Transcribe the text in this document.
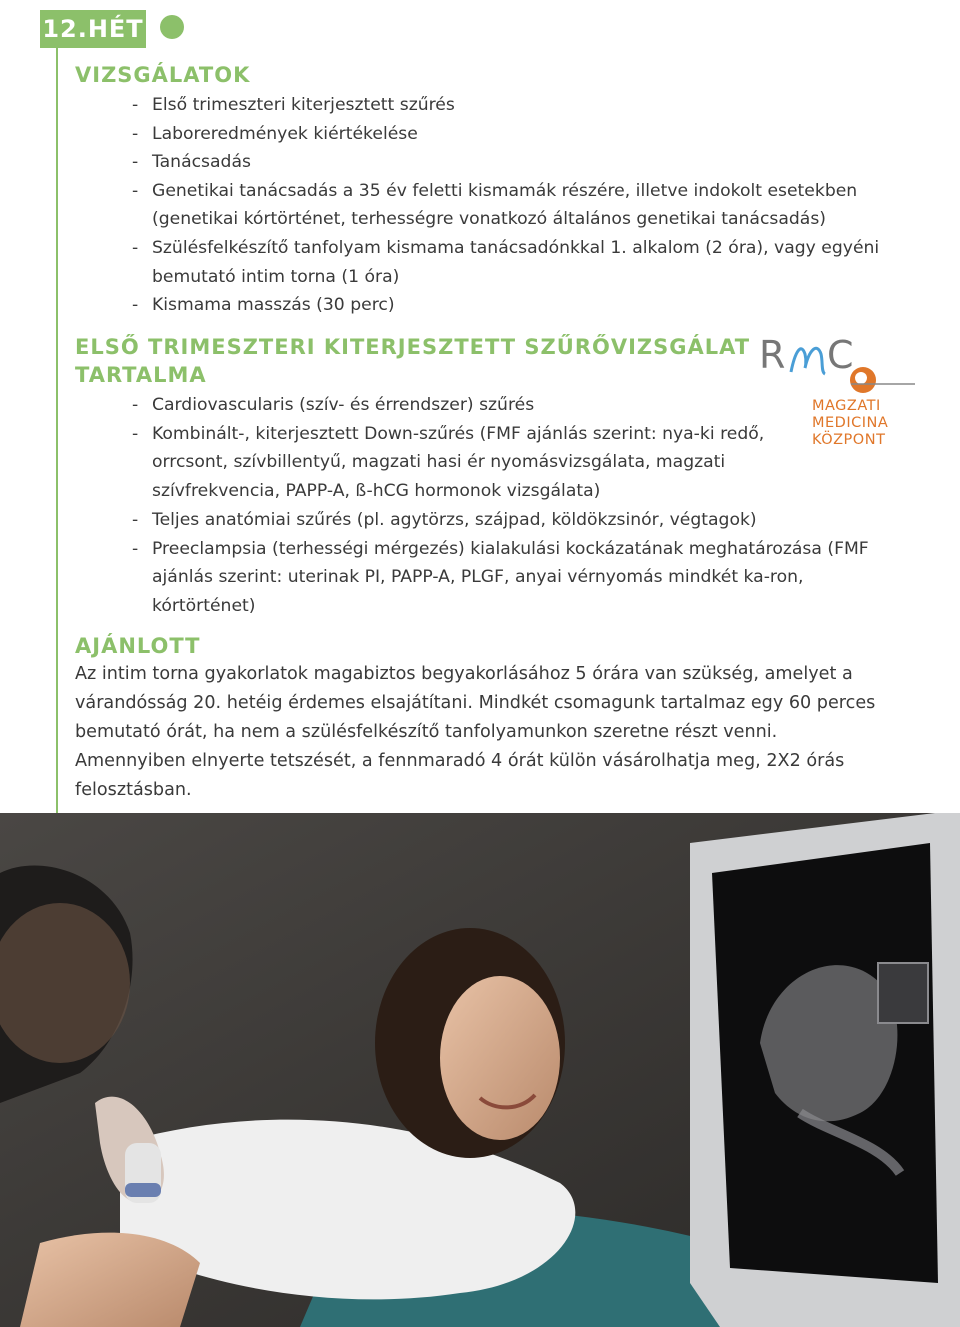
12.HÉT
VIZSGÁLATOK
- Első trimeszteri kiterjesztett szűrés
- Laboreredmények kiértékelése
- Tanácsadás
- Genetikai tanácsadás a 35 év feletti kismamák részére, illetve indokolt esetekben (genetikai kórtörténet, terhességre vonatkozó általános genetikai tanácsadás)
- Szülésfelkészítő tanfolyam kismama tanácsadónkkal 1. alkalom (2 óra), vagy egyéni bemutató intim torna (1 óra)
- Kismama masszás (30 perc)
ELSŐ TRIMESZTERI KITERJESZTETT SZŰRŐVIZSGÁLAT
TARTALMA	R C
MAGZATI
MEDICINA
KÖZPONT
- Cardiovascularis (szív- és érrendszer) szűrés
- Kombinált-, kiterjesztett Down-szűrés (FMF ajánlás szerint: nya-ki redő, orrcsont, szívbillentyű, magzati hasi ér nyomásvizsgálata, magzati szívfrekvencia, PAPP-A, ß-hCG hormonok vizsgálata)
- Teljes anatómiai szűrés (pl. agytörzs, szájpad, köldökzsinór, végtagok)
- Preeclampsia (terhességi mérgezés) kialakulási kockázatának meghatározása (FMF ajánlás szerint: uterinak PI, PAPP-A, PLGF, anyai vérnyomás mindkét ka-ron, kórtörténet)
AJÁNLOTT

Az intim torna gyakorlatok magabiztos begyakorlásához 5 órára van szükség, amelyet a várandósság 20. hetéig érdemes elsajátítani. Mindkét csomagunk tartalmaz egy 60 perces bemutató órát, ha nem a szülésfelkészítő tanfolyamunkon szeretne részt venni. Amennyiben elnyerte tetszését, a fennmaradó 4 órát külön vásárolhatja meg, 2X2 órás felosztásban.
